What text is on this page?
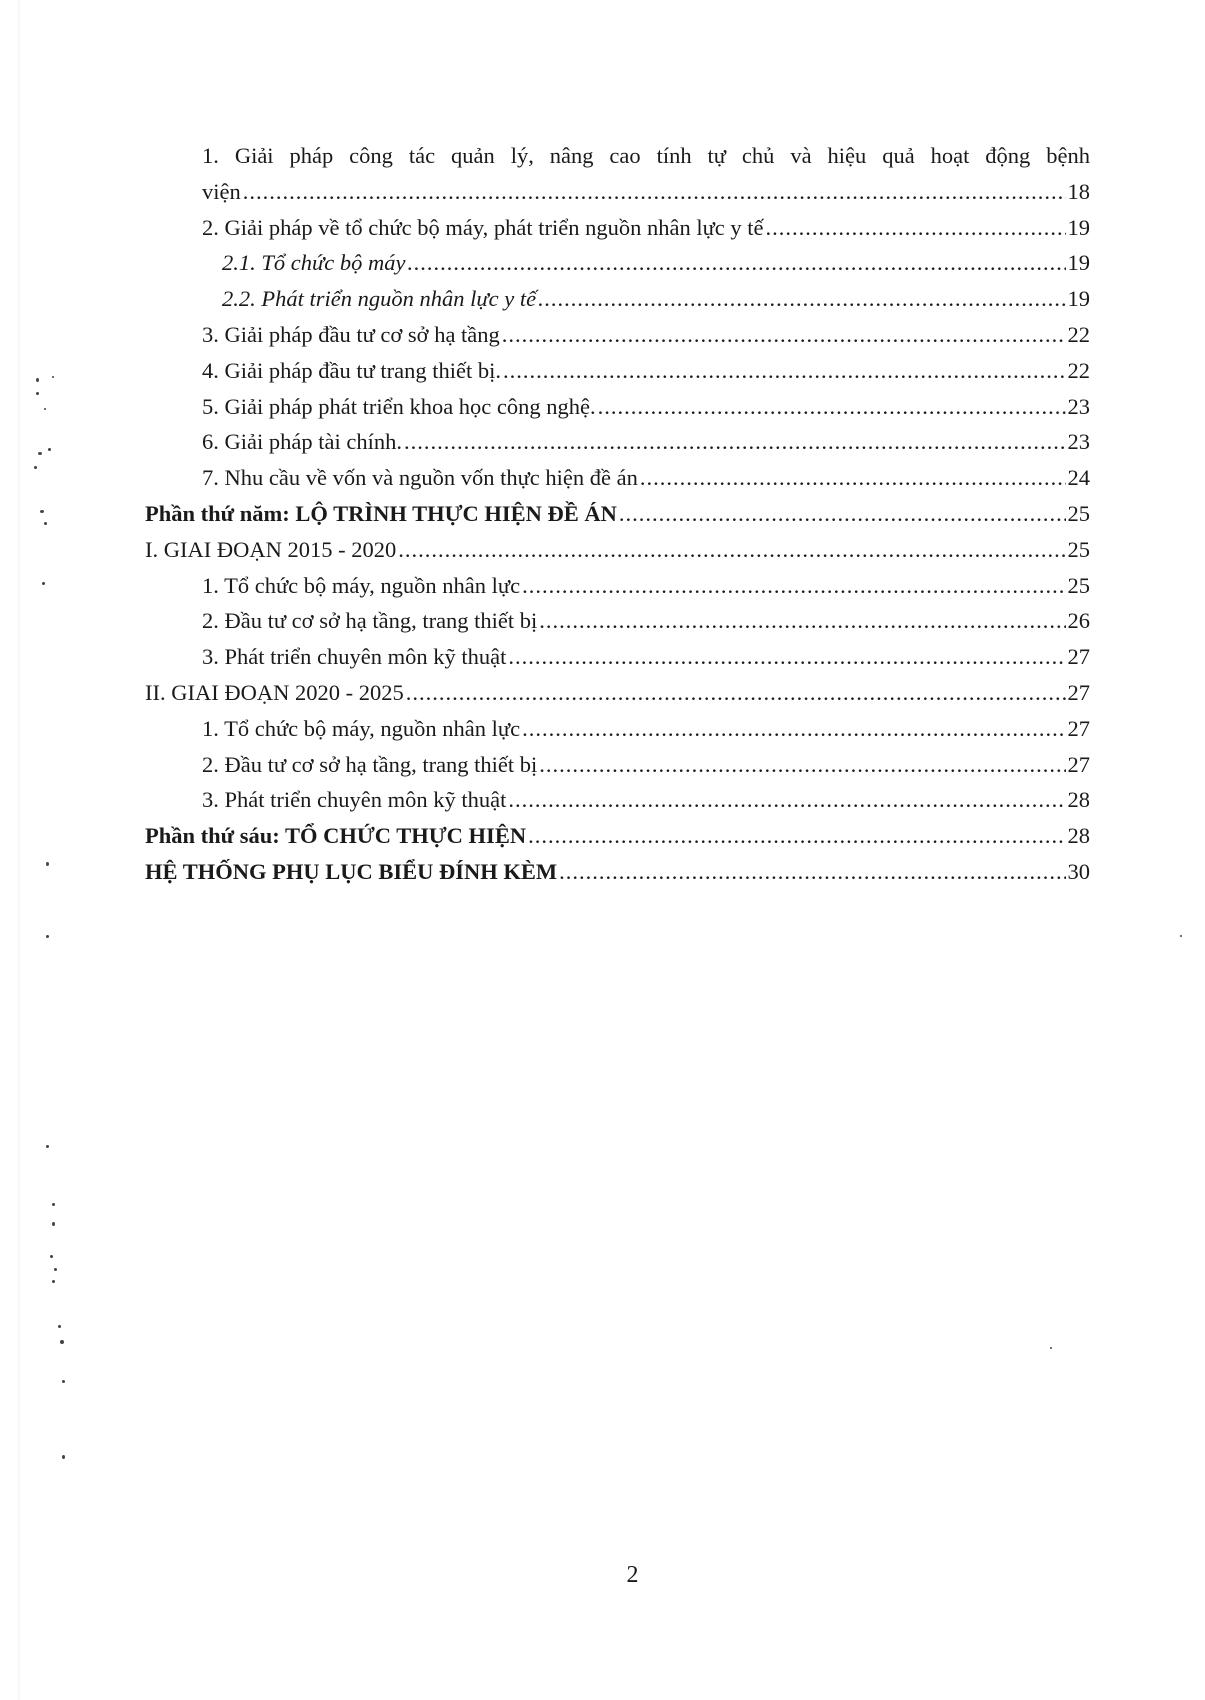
1. Giải pháp công tác quản lý, nâng cao tính tự chủ và hiệu quả hoạt động bệnh
viện .....	18
2. Giải pháp về tổ chức bộ máy, phát triển nguồn nhân lực y tế .....	19
2.1. Tổ chức bộ máy .....	19
2.2. Phát triển nguồn nhân lực y tế .....	19
3. Giải pháp đầu tư cơ sở hạ tầng .....	22
4. Giải pháp đầu tư trang thiết bị. .....	22
5. Giải pháp phát triển khoa học công nghệ. .....	23
6. Giải pháp tài chính. .....	23
7. Nhu cầu về vốn và nguồn vốn thực hiện đề án .....	24
Phần thứ năm: LỘ TRÌNH THỰC HIỆN ĐỀ ÁN .....	25
I. GIAI ĐOẠN 2015 - 2020 .....	25
1. Tổ chức bộ máy, nguồn nhân lực .....	25
2. Đầu tư cơ sở hạ tầng, trang thiết bị .....	26
3. Phát triển chuyên môn kỹ thuật .....	27
II. GIAI ĐOẠN 2020 - 2025 .....	27
1. Tổ chức bộ máy, nguồn nhân lực .....	27
2. Đầu tư cơ sở hạ tầng, trang thiết bị .....	27
3. Phát triển chuyên môn kỹ thuật .....	28
Phần thứ sáu: TỔ CHỨC THỰC HIỆN .....	28
HỆ THỐNG PHỤ LỤC BIỂU ĐÍNH KÈM .....	30
2
